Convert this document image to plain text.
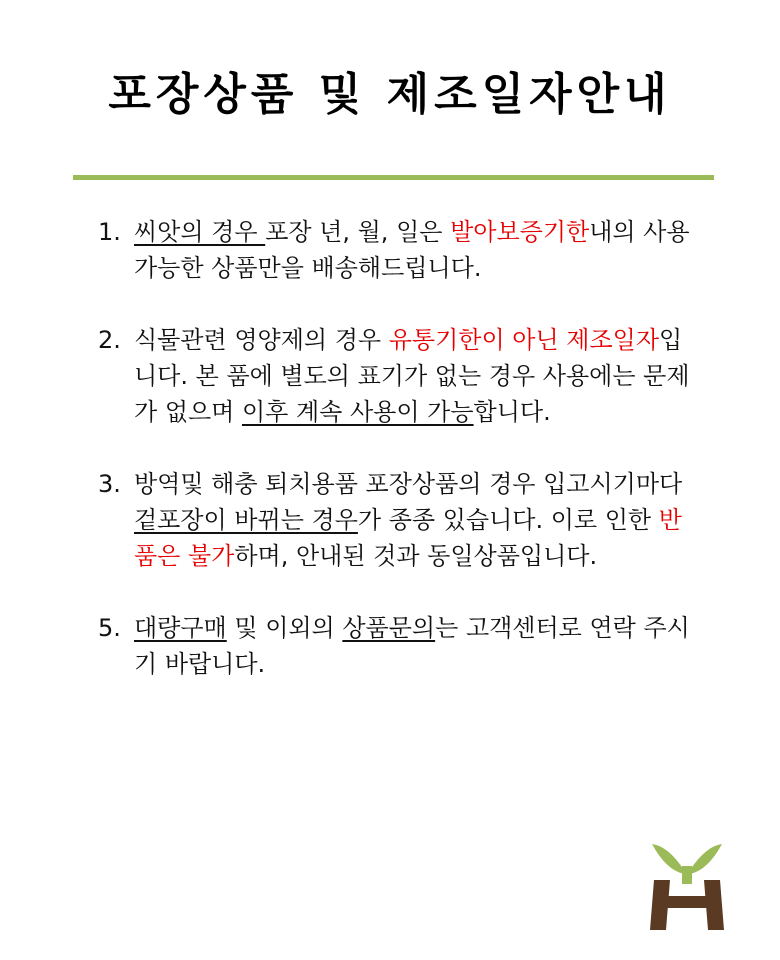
포장상품 및 제조일자안내
1. 씨앗의 경우 포장 년, 월, 일은 발아보증기한내의 사용 가능한 상품만을 배송해드립니다.
2. 식물관련 영양제의 경우 유통기한이 아닌 제조일자입니다. 본 품에 별도의 표기가 없는 경우 사용에는 문제가 없으며 이후 계속 사용이 가능합니다.
3. 방역및 해충 퇴치용품 포장상품의 경우 입고시기마다 겉포장이 바뀌는 경우가 종종 있습니다. 이로 인한 반품은 불가하며, 안내된 것과 동일상품입니다.
5. 대량구매 및 이외의 상품문의는 고객센터로 연락 주시기 바랍니다.
